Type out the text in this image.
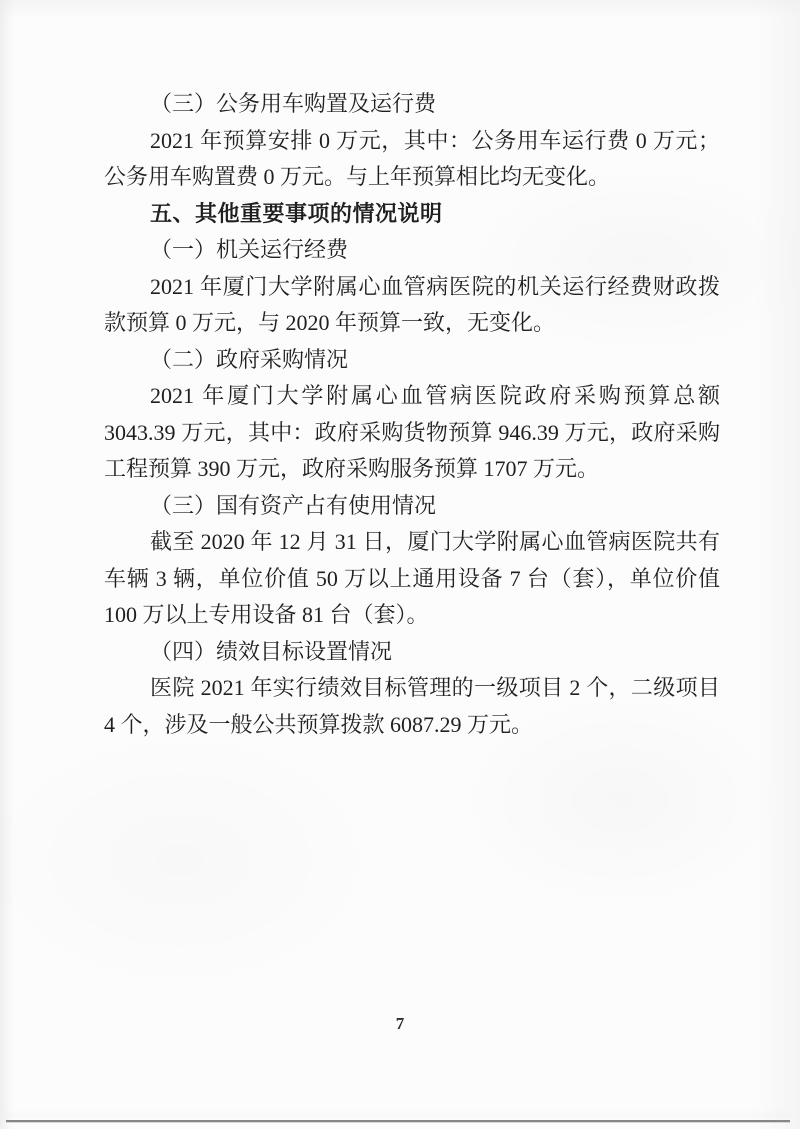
（三）公务用车购置及运行费
2021 年预算安排 0 万元，其中：公务用车运行费 0 万元；
公务用车购置费 0 万元。与上年预算相比均无变化。
五、其他重要事项的情况说明
（一）机关运行经费
2021 年厦门大学附属心血管病医院的机关运行经费财政拨
款预算 0 万元，与 2020 年预算一致，无变化。
（二）政府采购情况
2021 年厦门大学附属心血管病医院政府采购预算总额
3043.39 万元，其中：政府采购货物预算 946.39 万元，政府采购
工程预算 390 万元，政府采购服务预算 1707 万元。
（三）国有资产占有使用情况
截至 2020 年 12 月 31 日，厦门大学附属心血管病医院共有
车辆 3 辆，单位价值 50 万以上通用设备 7 台（套），单位价值
100 万以上专用设备 81 台（套）。
（四）绩效目标设置情况
医院 2021 年实行绩效目标管理的一级项目 2 个，二级项目
4 个，涉及一般公共预算拨款 6087.29 万元。
7
